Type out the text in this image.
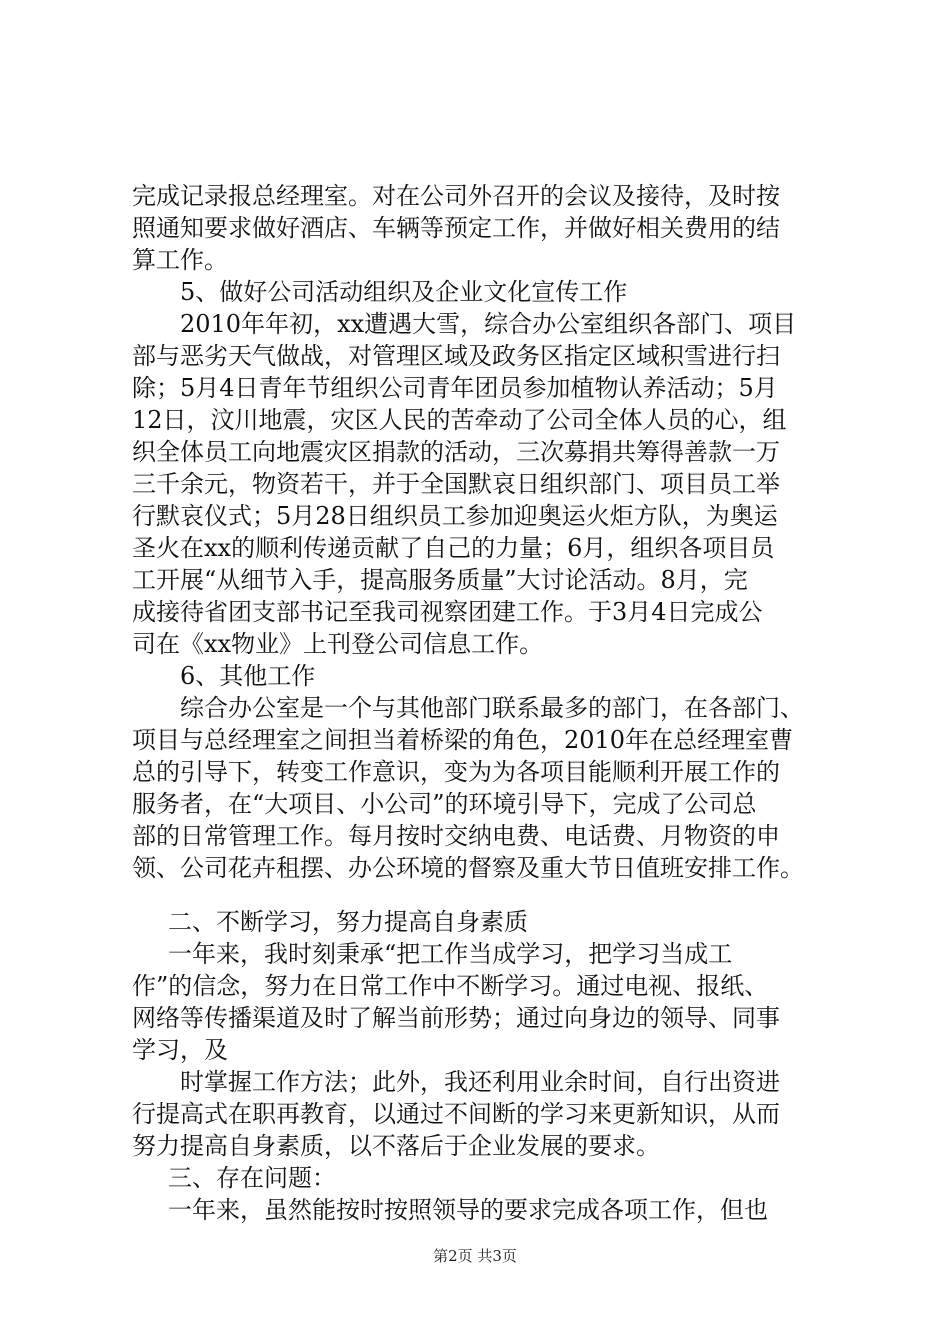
完成记录报总经理室。对在公司外召开的会议及接待，及时按
照通知要求做好酒店、车辆等预定工作，并做好相关费用的结
算工作。
5、做好公司活动组织及企业文化宣传工作
2010年年初，xx遭遇大雪，综合办公室组织各部门、项目
部与恶劣天气做战，对管理区域及政务区指定区域积雪进行扫
除；5月4日青年节组织公司青年团员参加植物认养活动；5月
12日，汶川地震，灾区人民的苦牵动了公司全体人员的心，组
织全体员工向地震灾区捐款的活动，三次募捐共筹得善款一万
三千余元，物资若干，并于全国默哀日组织部门、项目员工举
行默哀仪式；5月28日组织员工参加迎奥运火炬方队，为奥运
圣火在xx的顺利传递贡献了自己的力量；6月，组织各项目员
工开展“从细节入手，提高服务质量”大讨论活动。8月，完
成接待省团支部书记至我司视察团建工作。于3月4日完成公
司在《xx物业》上刊登公司信息工作。
6、其他工作
综合办公室是一个与其他部门联系最多的部门，在各部门、
项目与总经理室之间担当着桥梁的角色，2010年在总经理室曹
总的引导下，转变工作意识，变为为各项目能顺利开展工作的
服务者，在“大项目、小公司”的环境引导下，完成了公司总
部的日常管理工作。每月按时交纳电费、电话费、月物资的申
领、公司花卉租摆、办公环境的督察及重大节日值班安排工作。
二、不断学习，努力提高自身素质
一年来，我时刻秉承“把工作当成学习，把学习当成工
作”的信念，努力在日常工作中不断学习。通过电视、报纸、
网络等传播渠道及时了解当前形势；通过向身边的领导、同事
学习，及
时掌握工作方法；此外，我还利用业余时间，自行出资进
行提高式在职再教育，以通过不间断的学习来更新知识，从而
努力提高自身素质，以不落后于企业发展的要求。
三、存在问题：
一年来，虽然能按时按照领导的要求完成各项工作，但也
第2页 共3页
